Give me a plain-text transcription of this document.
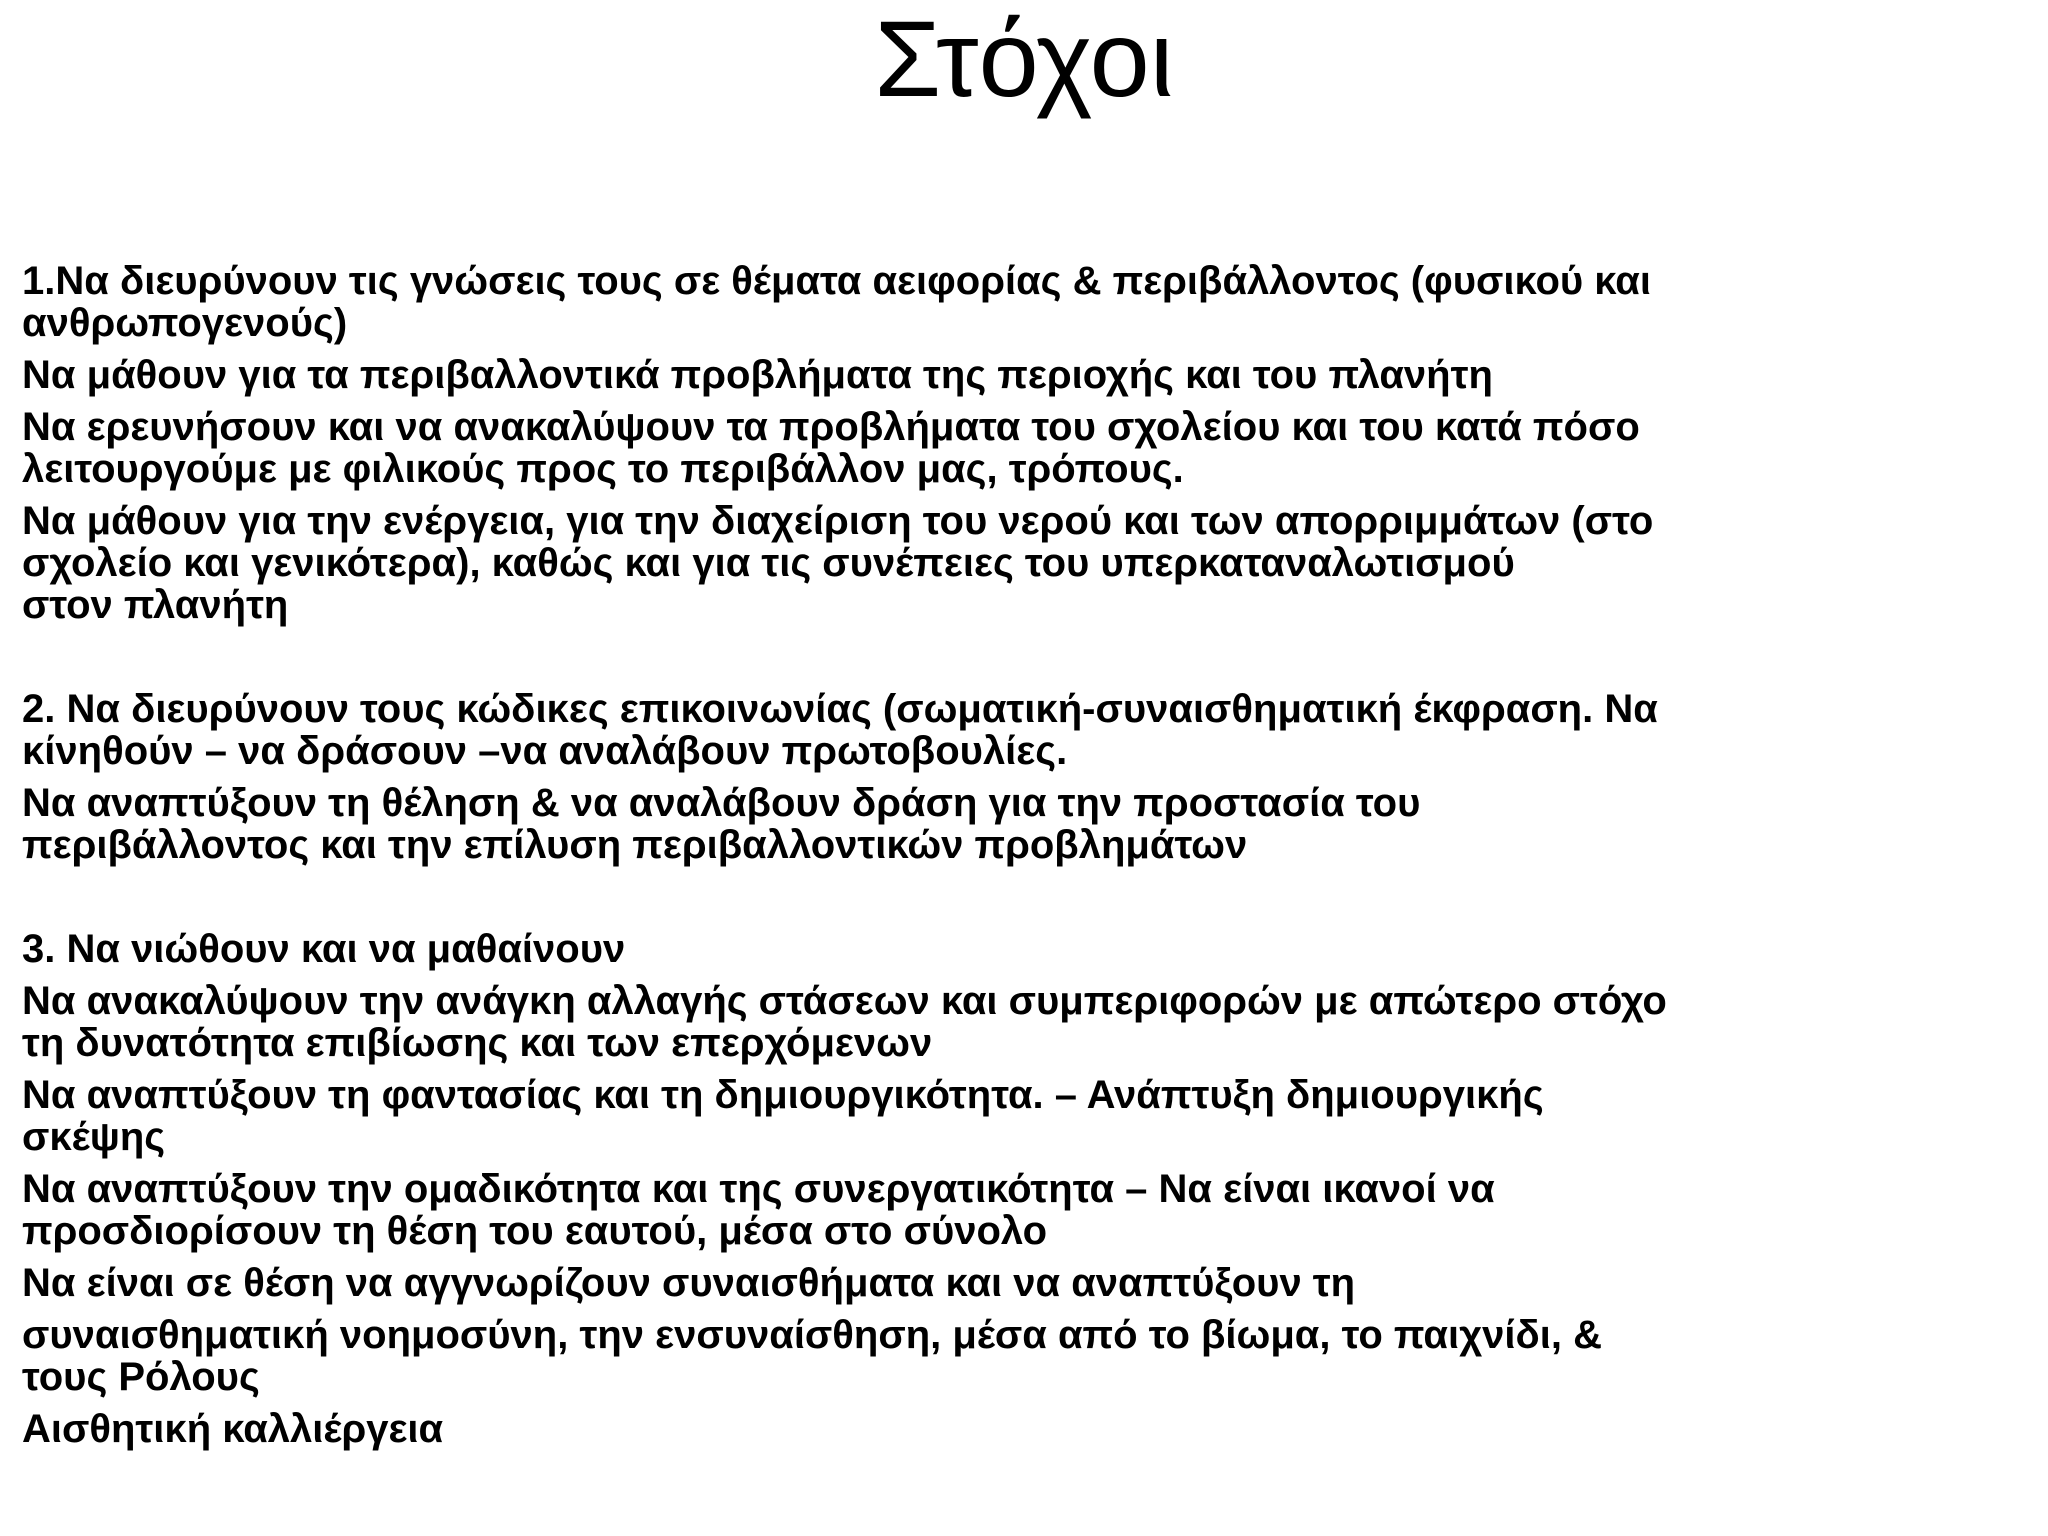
Στόχοι

1.Να διευρύνουν τις γνώσεις τους σε θέματα αειφορίας & περιβάλλοντος (φυσικού και
ανθρωπογενούς)

Να μάθουν για τα περιβαλλοντικά προβλήματα της περιοχής και του πλανήτη

Να ερευνήσουν και να ανακαλύψουν τα προβλήματα του σχολείου και του κατά πόσο
λειτουργούμε με φιλικούς προς το περιβάλλον μας, τρόπους.

Να μάθουν για την ενέργεια, για την διαχείριση του νερού και των απορριμμάτων (στο
σχολείο και γενικότερα), καθώς και για τις συνέπειες του υπερκαταναλωτισμού
στον πλανήτη

2. Να διευρύνουν τους κώδικες επικοινωνίας (σωματική-συναισθηματική έκφραση. Να
κίνηθούν – να δράσουν –να αναλάβουν πρωτοβουλίες.

Να αναπτύξουν τη θέληση & να αναλάβουν δράση για την προστασία του
περιβάλλοντος και την επίλυση περιβαλλοντικών προβλημάτων

3. Να νιώθουν και να μαθαίνουν

Να ανακαλύψουν την ανάγκη αλλαγής στάσεων και συμπεριφορών με απώτερο στόχο
τη δυνατότητα επιβίωσης και των επερχόμενων

Να αναπτύξουν τη φαντασίας και τη δημιουργικότητα. – Ανάπτυξη δημιουργικής
σκέψης

Να αναπτύξουν την ομαδικότητα και της συνεργατικότητα – Να είναι ικανοί να
προσδιορίσουν τη θέση του εαυτού, μέσα στο σύνολο

Να είναι σε θέση να αγγνωρίζουν συναισθήματα και να αναπτύξουν τη

συναισθηματική νοημοσύνη, την ενσυναίσθηση, μέσα από το βίωμα, το παιχνίδι, &
τους Ρόλους

Αισθητική καλλιέργεια
